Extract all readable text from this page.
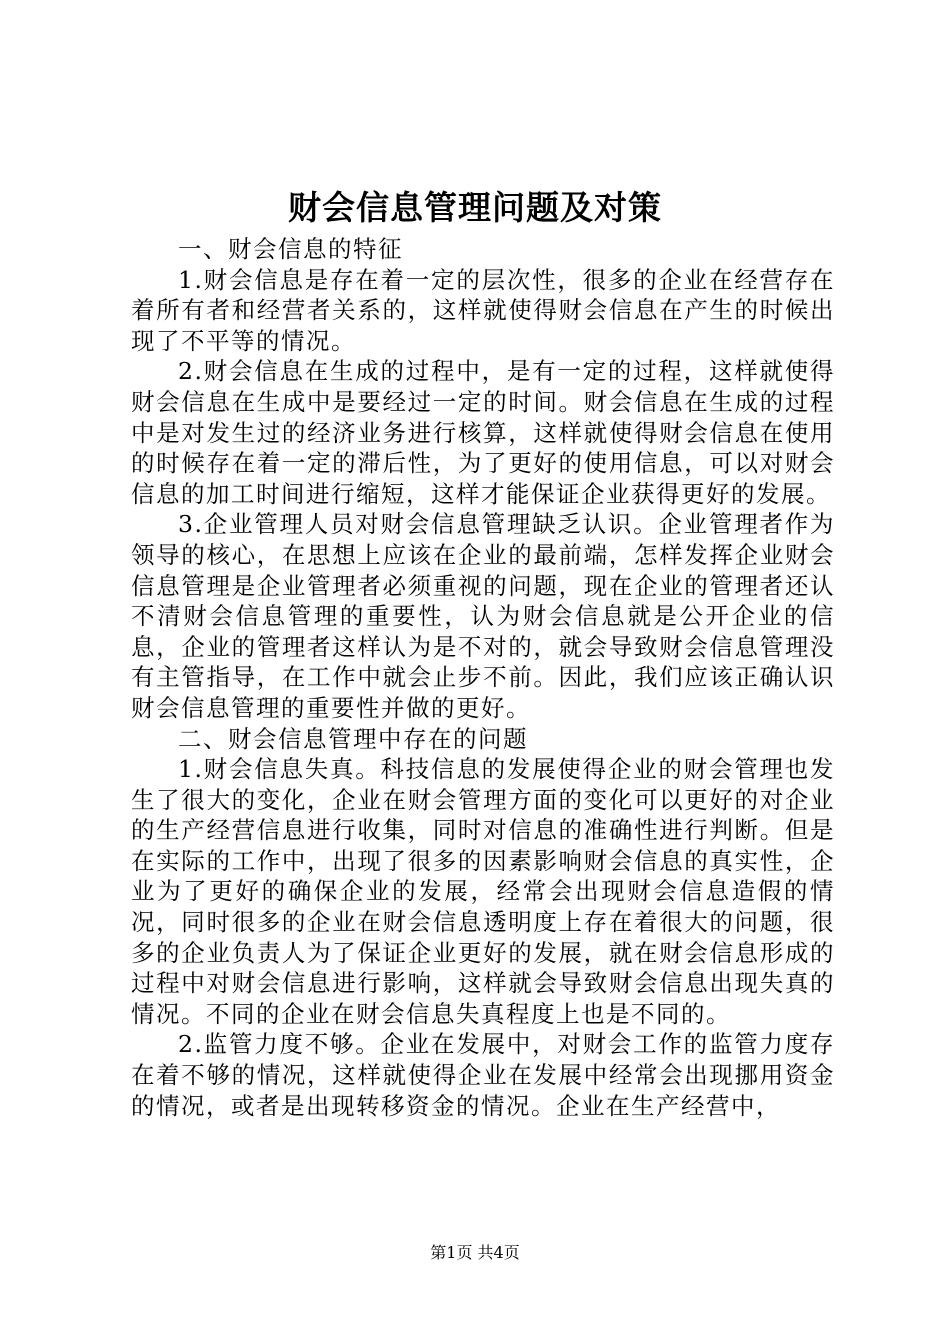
财会信息管理问题及对策

一、财会信息的特征

1.财会信息是存在着一定的层次性，很多的企业在经营存在着所有者和经营者关系的，这样就使得财会信息在产生的时候出现了不平等的情况。

2.财会信息在生成的过程中，是有一定的过程，这样就使得财会信息在生成中是要经过一定的时间。财会信息在生成的过程中是对发生过的经济业务进行核算，这样就使得财会信息在使用的时候存在着一定的滞后性，为了更好的使用信息，可以对财会信息的加工时间进行缩短，这样才能保证企业获得更好的发展。

3.企业管理人员对财会信息管理缺乏认识。企业管理者作为领导的核心，在思想上应该在企业的最前端，怎样发挥企业财会信息管理是企业管理者必须重视的问题，现在企业的管理者还认不清财会信息管理的重要性，认为财会信息就是公开企业的信息，企业的管理者这样认为是不对的，就会导致财会信息管理没有主管指导，在工作中就会止步不前。因此，我们应该正确认识财会信息管理的重要性并做的更好。

二、财会信息管理中存在的问题

1.财会信息失真。科技信息的发展使得企业的财会管理也发生了很大的变化，企业在财会管理方面的变化可以更好的对企业的生产经营信息进行收集，同时对信息的准确性进行判断。但是在实际的工作中，出现了很多的因素影响财会信息的真实性，企业为了更好的确保企业的发展，经常会出现财会信息造假的情况，同时很多的企业在财会信息透明度上存在着很大的问题，很多的企业负责人为了保证企业更好的发展，就在财会信息形成的过程中对财会信息进行影响，这样就会导致财会信息出现失真的情况。不同的企业在财会信息失真程度上也是不同的。

2.监管力度不够。企业在发展中，对财会工作的监管力度存在着不够的情况，这样就使得企业在发展中经常会出现挪用资金的情况，或者是出现转移资金的情况。企业在生产经营中，

第1页 共4页
